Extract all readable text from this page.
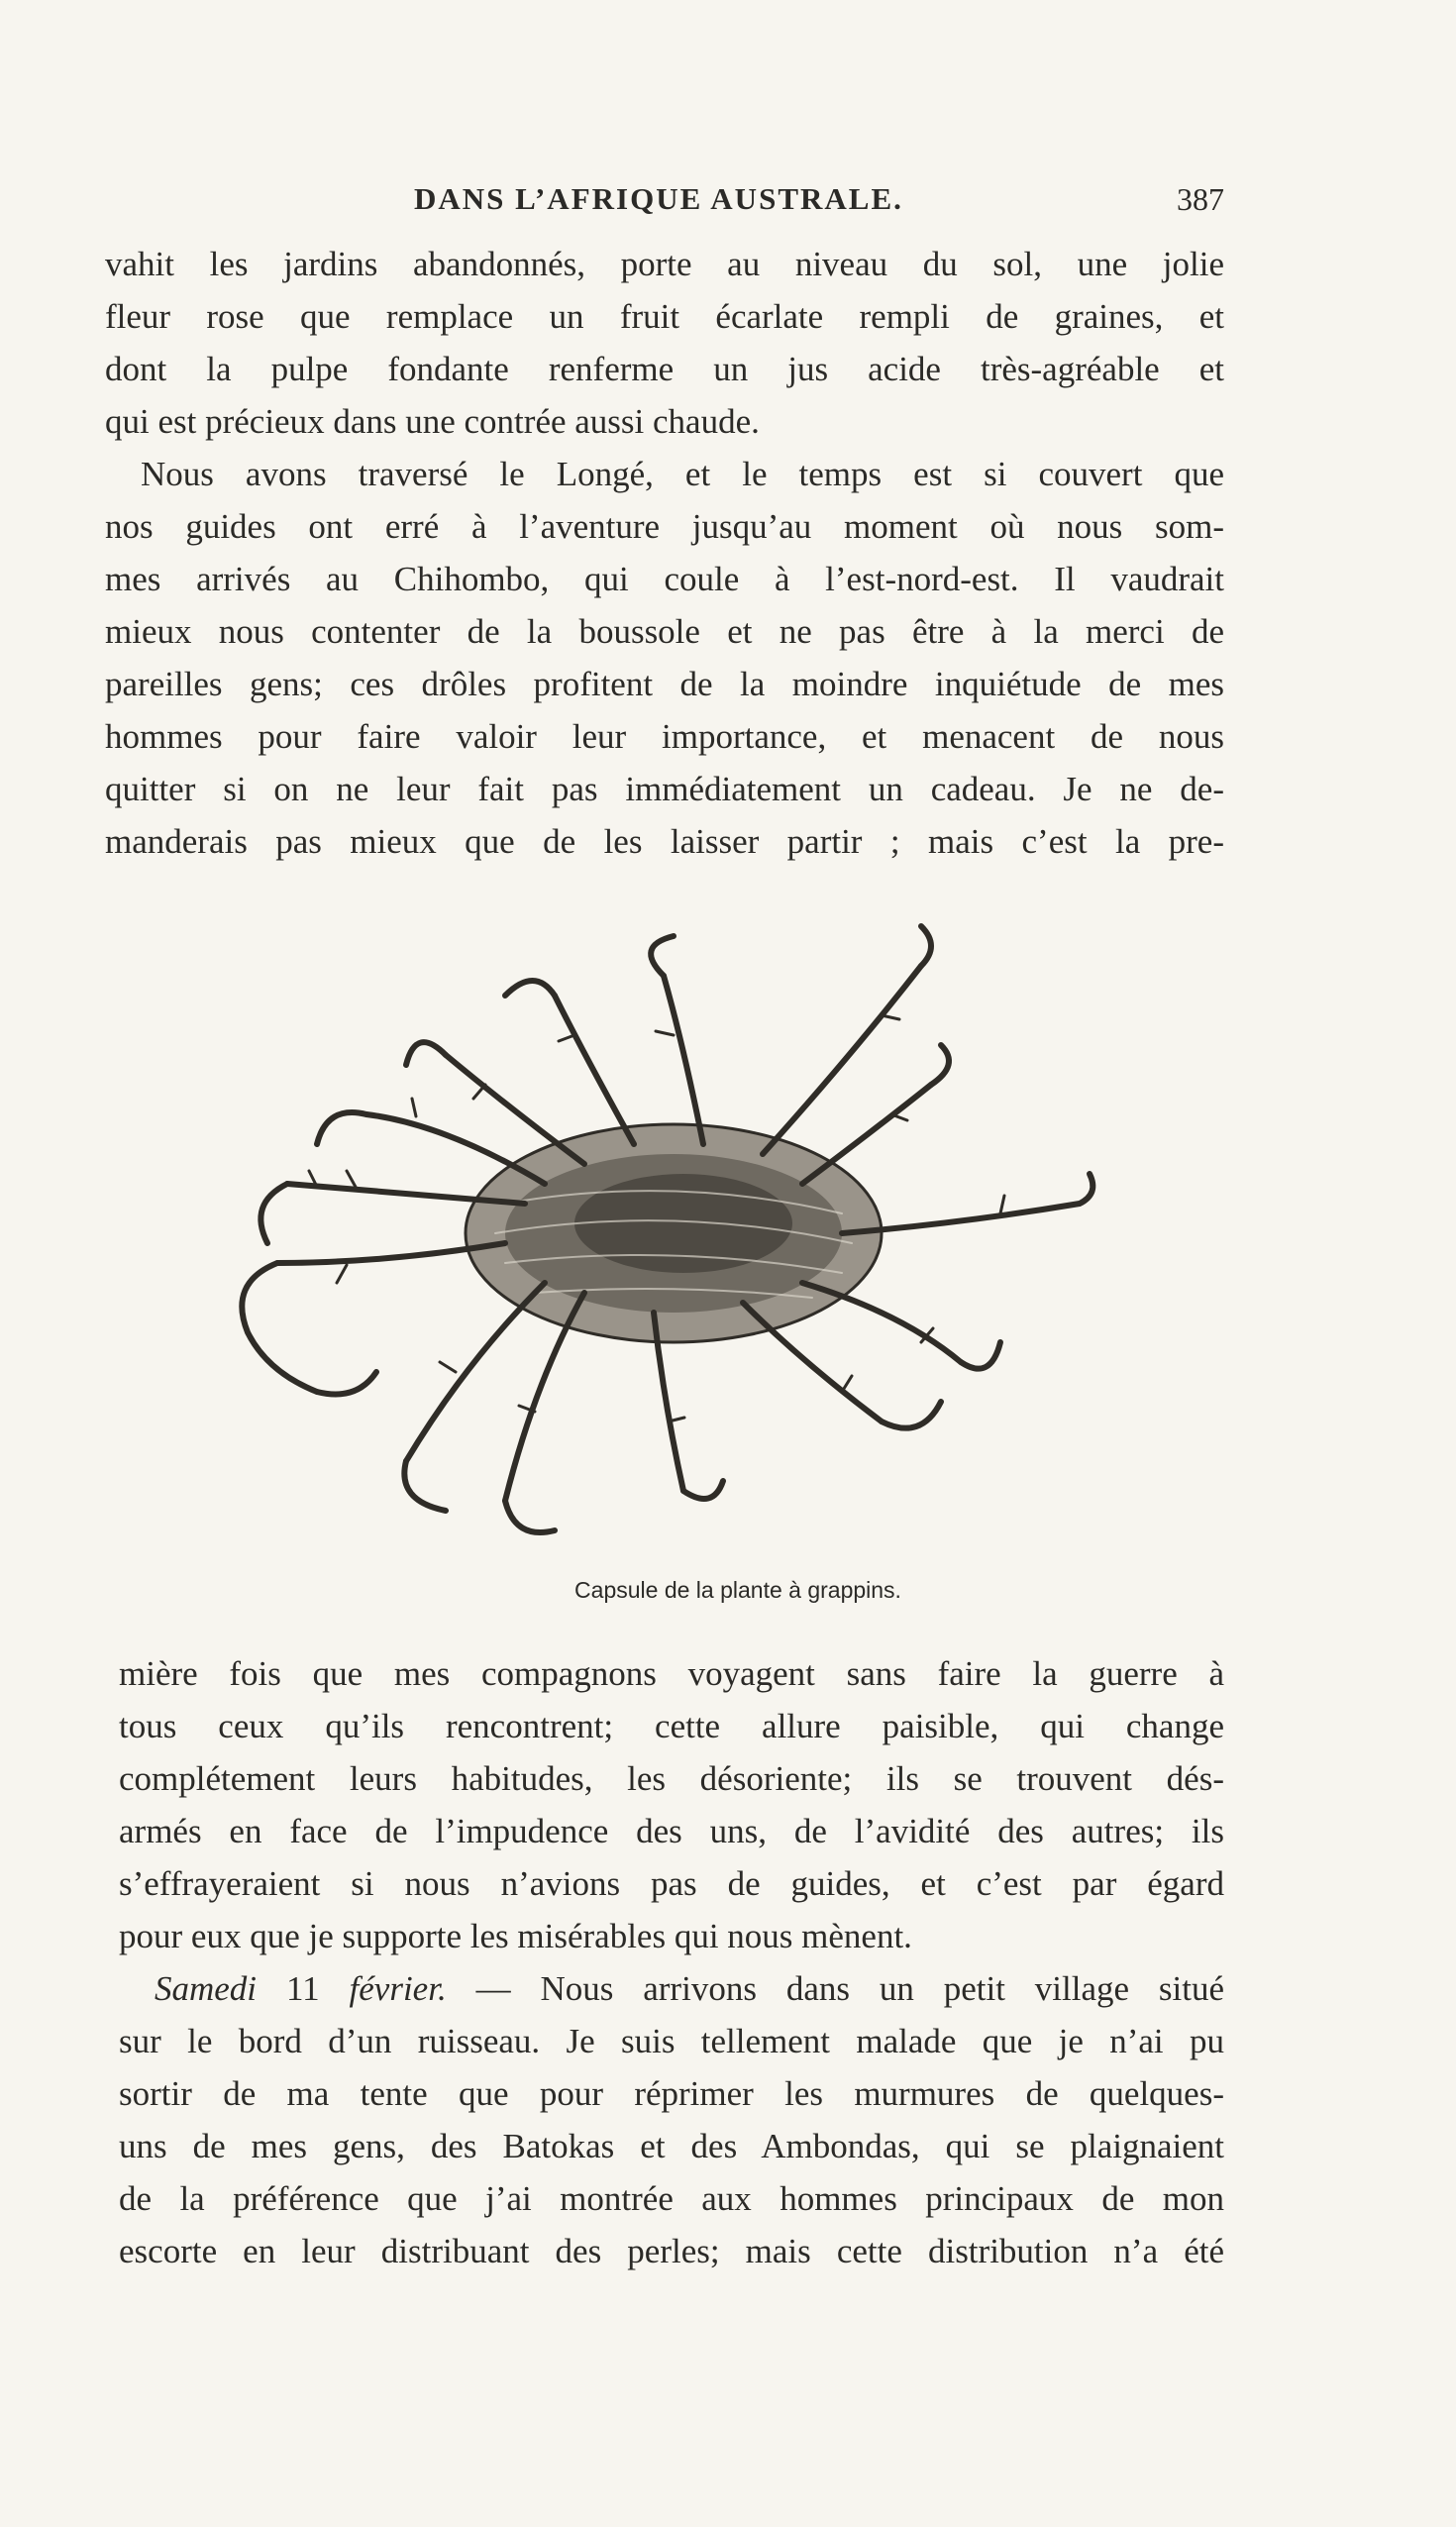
DANS L’AFRIQUE AUSTRALE.	387
vahit les jardins abandonnés, porte au niveau du sol, une jolie
fleur rose que remplace un fruit écarlate rempli de graines, et
dont la pulpe fondante renferme un jus acide très-agréable et
qui est précieux dans une contrée aussi chaude.
Nous avons traversé le Longé, et le temps est si couvert que
nos guides ont erré à l’aventure jusqu’au moment où nous som-
mes arrivés au Chihombo, qui coule à l’est-nord-est. Il vaudrait
mieux nous contenter de la boussole et ne pas être à la merci de
pareilles gens; ces drôles profitent de la moindre inquiétude de mes
hommes pour faire valoir leur importance, et menacent de nous
quitter si on ne leur fait pas immédiatement un cadeau. Je ne de-
manderais pas mieux que de les laisser partir ; mais c’est la pre-
Capsule de la plante à grappins.
mière fois que mes compagnons voyagent sans faire la guerre à
tous ceux qu’ils rencontrent; cette allure paisible, qui change
complétement leurs habitudes, les désoriente; ils se trouvent dés-
armés en face de l’impudence des uns, de l’avidité des autres; ils
s’effrayeraient si nous n’avions pas de guides, et c’est par égard
pour eux que je supporte les misérables qui nous mènent.
Samedi 11 février. — Nous arrivons dans un petit village situé
sur le bord d’un ruisseau. Je suis tellement malade que je n’ai pu
sortir de ma tente que pour réprimer les murmures de quelques-
uns de mes gens, des Batokas et des Ambondas, qui se plaignaient
de la préférence que j’ai montrée aux hommes principaux de mon
escorte en leur distribuant des perles; mais cette distribution n’a été
